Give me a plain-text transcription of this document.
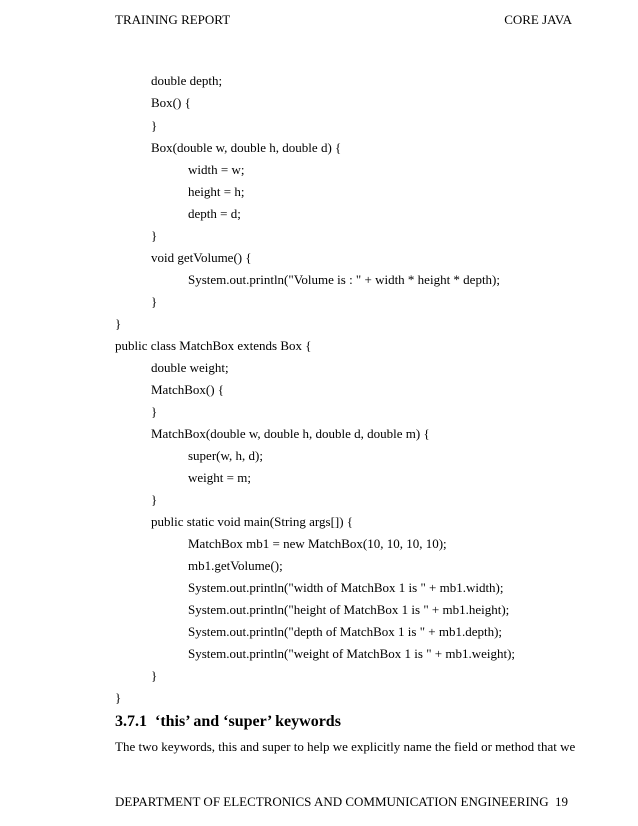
TRAINING REPORT	CORE JAVA
double depth;
Box() {
}
Box(double w, double h, double d) {
width = w;
height = h;
depth = d;
}
void getVolume() {
System.out.println("Volume is : " + width * height * depth);
}
}
public class MatchBox extends Box {
double weight;
MatchBox() {
}
MatchBox(double w, double h, double d, double m) {
super(w, h, d);
weight = m;
}
public static void main(String args[]) {
MatchBox mb1 = new MatchBox(10, 10, 10, 10);
mb1.getVolume();
System.out.println("width of MatchBox 1 is " + mb1.width);
System.out.println("height of MatchBox 1 is " + mb1.height);
System.out.println("depth of MatchBox 1 is " + mb1.depth);
System.out.println("weight of MatchBox 1 is " + mb1.weight);
}
}
3.7.1 ‘this’ and ‘super’ keywords
The two keywords, this and super to help we explicitly name the field or method that we
DEPARTMENT OF ELECTRONICS AND COMMUNICATION ENGINEERING 19
